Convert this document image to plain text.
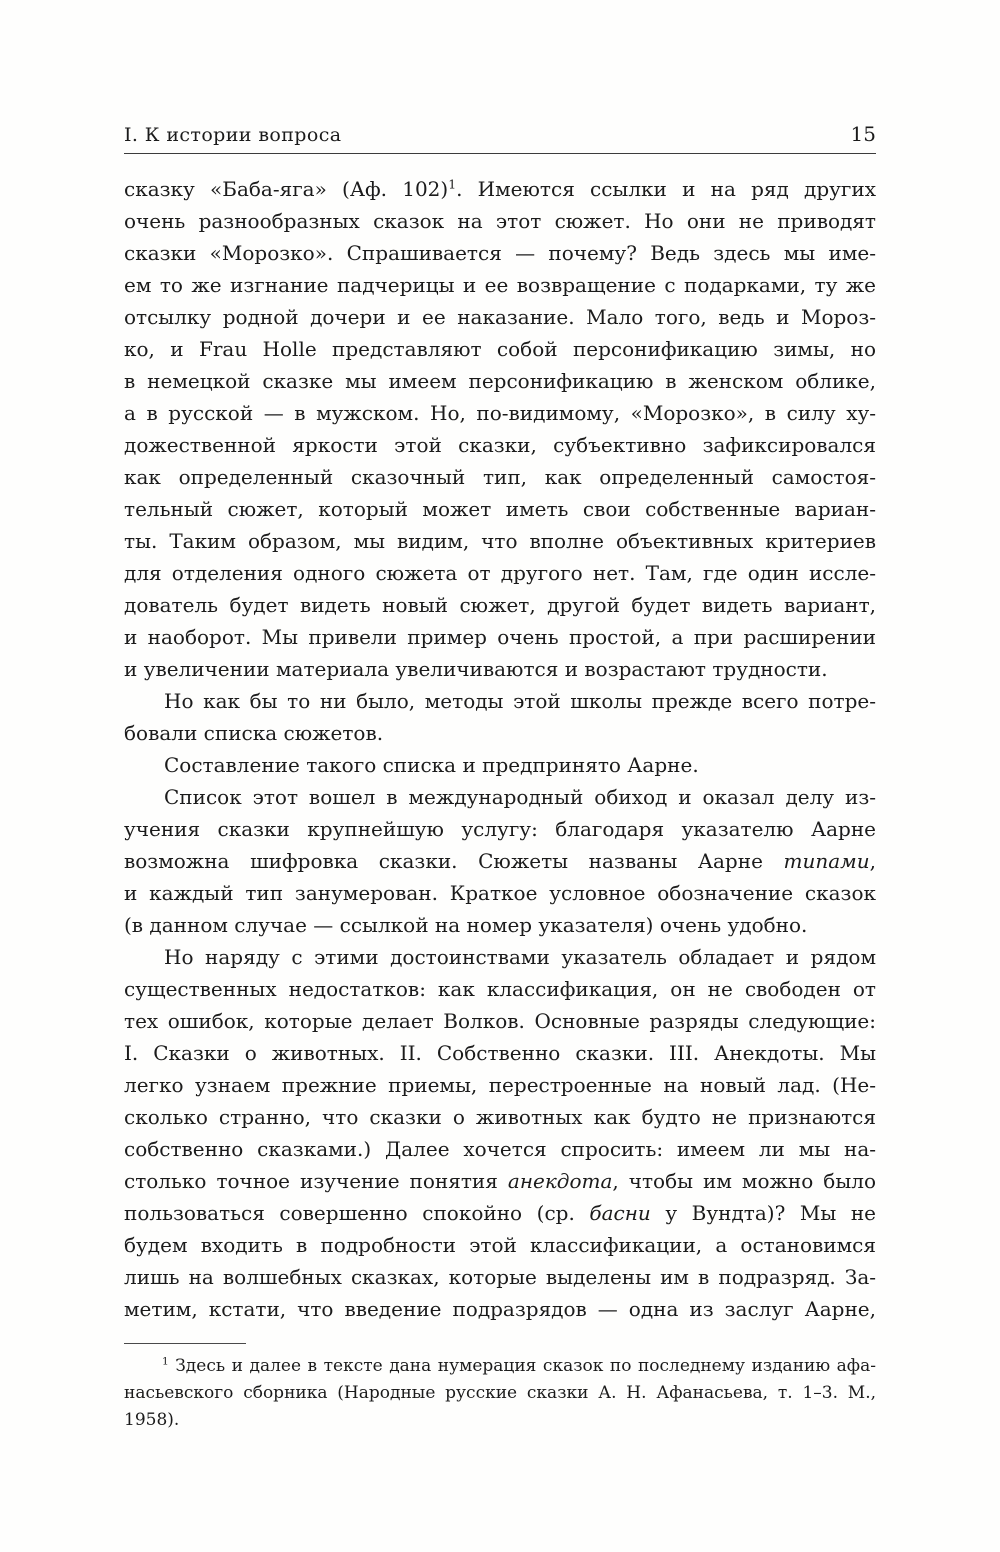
I. К истории вопроса	15

сказку «Баба-яга» (Аф. 102)$^1$. Имеются ссылки и на ряд других
очень разнообразных сказок на этот сюжет. Но они не приводят
сказки «Морозко». Спрашивается — почему? Ведь здесь мы име-
ем то же изгнание падчерицы и ее возвращение с подарками, ту же
отсылку родной дочери и ее наказание. Мало того, ведь и Мороз-
ко, и Frau Holle представляют собой персонификацию зимы, но
в немецкой сказке мы имеем персонификацию в женском облике,
а в русской — в мужском. Но, по-видимому, «Морозко», в силу ху-
дожественной яркости этой сказки, субъективно зафиксировался
как определенный сказочный тип, как определенный самостоя-
тельный сюжет, который может иметь свои собственные вариан-
ты. Таким образом, мы видим, что вполне объективных критериев
для отделения одного сюжета от другого нет. Там, где один иссле-
дователь будет видеть новый сюжет, другой будет видеть вариант,
и наоборот. Мы привели пример очень простой, а при расширении
и увеличении материала увеличиваются и возрастают трудности.

Но как бы то ни было, методы этой школы прежде всего потре-
бовали списка сюжетов.

Составление такого списка и предпринято Аарне.

Список этот вошел в международный обиход и оказал делу из-
учения сказки крупнейшую услугу: благодаря указателю Аарне
возможна шифровка сказки. Сюжеты названы Аарне типами,
и каждый тип занумерован. Краткое условное обозначение сказок
(в данном случае — ссылкой на номер указателя) очень удобно.

Но наряду с этими достоинствами указатель обладает и рядом
существенных недостатков: как классификация, он не свободен от
тех ошибок, которые делает Волков. Основные разряды следующие:
I. Сказки о животных. II. Собственно сказки. III. Анекдоты. Мы
легко узнаем прежние приемы, перестроенные на новый лад. (Не-
сколько странно, что сказки о животных как будто не признаются
собственно сказками.) Далее хочется спросить: имеем ли мы на-
столько точное изучение понятия анекдота, чтобы им можно было
пользоваться совершенно спокойно (ср. басни у Вундта)? Мы не
будем входить в подробности этой классификации, а остановимся
лишь на волшебных сказках, которые выделены им в подразряд. За-
метим, кстати, что введение подразрядов — одна из заслуг Аарне,

$^1$ Здесь и далее в тексте дана нумерация сказок по последнему изданию афа-
насьевского сборника (Народные русские сказки А. Н. Афанасьева, т. 1–3. М.,
1958).
